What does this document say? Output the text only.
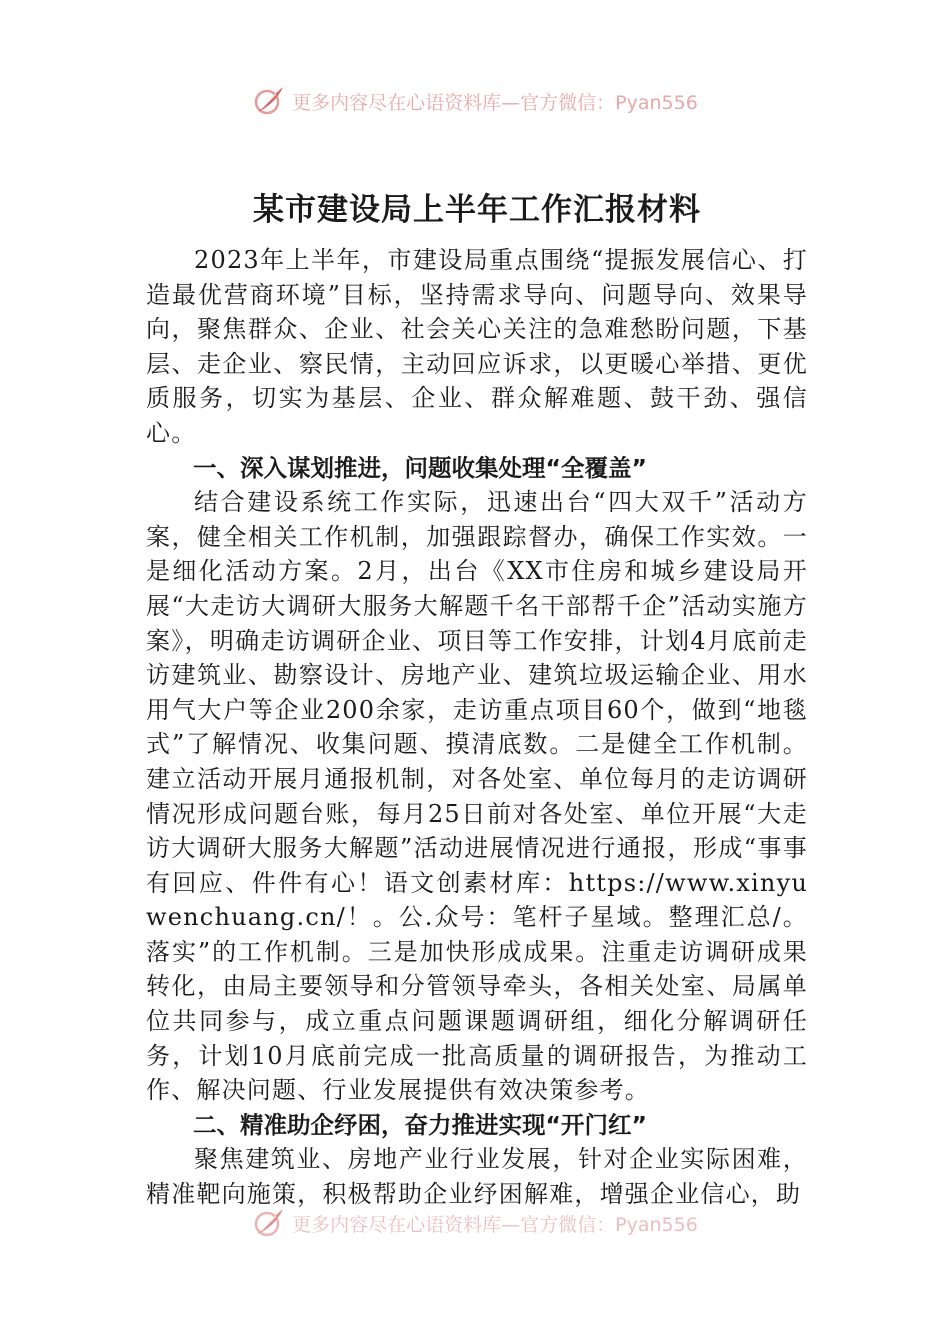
更多内容尽在心语资料库—官方微信：Pyan556
某市建设局上半年工作汇报材料

2023年上半年，市建设局重点围绕“提振发展信心、打造最优营商环境”目标，坚持需求导向、问题导向、效果导向，聚焦群众、企业、社会关心关注的急难愁盼问题，下基层、走企业、察民情，主动回应诉求，以更暖心举措、更优质服务，切实为基层、企业、群众解难题、鼓干劲、强信心。

一、深入谋划推进，问题收集处理“全覆盖”

结合建设系统工作实际，迅速出台“四大双千”活动方案，健全相关工作机制，加强跟踪督办，确保工作实效。一是细化活动方案。2月，出台《XX市住房和城乡建设局开展“大走访大调研大服务大解题千名干部帮千企”活动实施方案》，明确走访调研企业、项目等工作安排，计划4月底前走访建筑业、勘察设计、房地产业、建筑垃圾运输企业、用水用气大户等企业200余家，走访重点项目60个，做到“地毯式”了解情况、收集问题、摸清底数。二是健全工作机制。建立活动开展月通报机制，对各处室、单位每月的走访调研情况形成问题台账，每月25日前对各处室、单位开展“大走访大调研大服务大解题”活动进展情况进行通报，形成“事事有回应、件件有心！语文创素材库：https://www.xinyuwenchuang.cn/！。公.众号：笔杆子星域。整理汇总/。落实”的工作机制。三是加快形成成果。注重走访调研成果转化，由局主要领导和分管领导牵头，各相关处室、局属单位共同参与，成立重点问题课题调研组，细化分解调研任务，计划10月底前完成一批高质量的调研报告，为推动工作、解决问题、行业发展提供有效决策参考。

二、精准助企纾困，奋力推进实现“开门红”

聚焦建筑业、房地产业行业发展，针对企业实际困难，精准靶向施策，积极帮助企业纾困解难，增强企业信心，助

更多内容尽在心语资料库—官方微信：Pyan556
